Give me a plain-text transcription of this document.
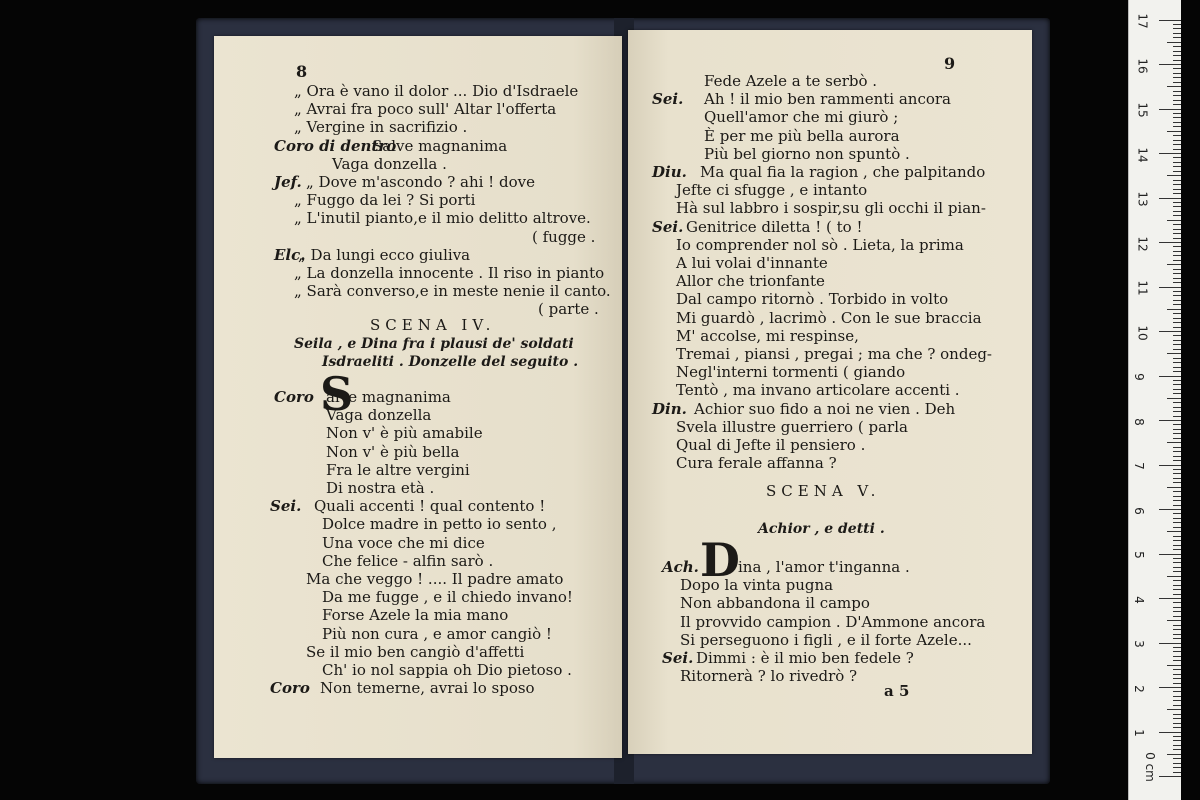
8
„ Ora è vano il dolor ... Dio d'Isdraele
„ Avrai fra poco sull' Altar l'offerta
„ Vergine in sacrifizio .
Coro di dentro
Salve magnanima
Vaga donzella .
Jef. „ Dove m'ascondo ? ahi ! dove
„ Fuggo da lei ? Si porti
„ L'inutil pianto,e il mio delitto altrove.
( fugge .
Elc.
„ Da lungi ecco giuliva
„ La donzella innocente . Il riso in pianto
„ Sarà converso,e in meste nenie il canto.
( parte .
SCENA IV.
Seila , e Dina fra i plausi de' soldati
Isdraeliti . Donzelle del seguito .
Coro S
alve magnanima
Vaga donzella
Non v' è più amabile
Non v' è più bella
Fra le altre vergini
Di nostra età .
Sei. Quali accenti ! qual contento !
Dolce madre in petto io sento ,
Una voce che mi dice
Che felice - alfin sarò .
Ma che veggo ! .... Il padre amato
Da me fugge , e il chiedo invano!
Forse Azele la mia mano
Più non cura , e amor cangiò !
Se il mio ben cangiò d'affetti
Ch' io nol sappia oh Dio pietoso .
Coro Non temerne, avrai lo sposo
9
Fede Azele a te serbò .
Sei. Ah ! il mio ben rammenti ancora
Quell'amor che mi giurò ;
È per me più bella aurora
Più bel giorno non spuntò .
Diu. Ma qual fia la ragion , che palpitando
Jefte ci sfugge , e intanto
Hà sul labbro i sospir,su gli occhi il pian-
Sei. Genitrice diletta ! ( to !
Io comprender nol sò . Lieta, la prima
A lui volai d'innante
Allor che trionfante
Dal campo ritornò . Torbido in volto
Mi guardò , lacrimò . Con le sue braccia
M' accolse, mi respinse,
Tremai , piansi , pregai ; ma che ? ondeg-
Negl'interni tormenti ( giando
Tentò , ma invano articolare accenti .
Din. Achior suo fido a noi ne vien . Deh
Svela illustre guerriero ( parla
Qual di Jefte il pensiero .
Cura ferale affanna ?
SCENA V.
Achior , e detti .
Ach. D
ina , l'amor t'inganna .
Dopo la vinta pugna
Non abbandona il campo
Il provvido campion . D'Ammone ancora
Si perseguono i figli , e il forte Azele...
Sei. Dimmi : è il mio ben fedele ?
Ritornerà ? lo rivedrò ?
a 5
0 cm
1
2
3
4
5
6
7
8
9
10
11
12
13
14
15
16
17
